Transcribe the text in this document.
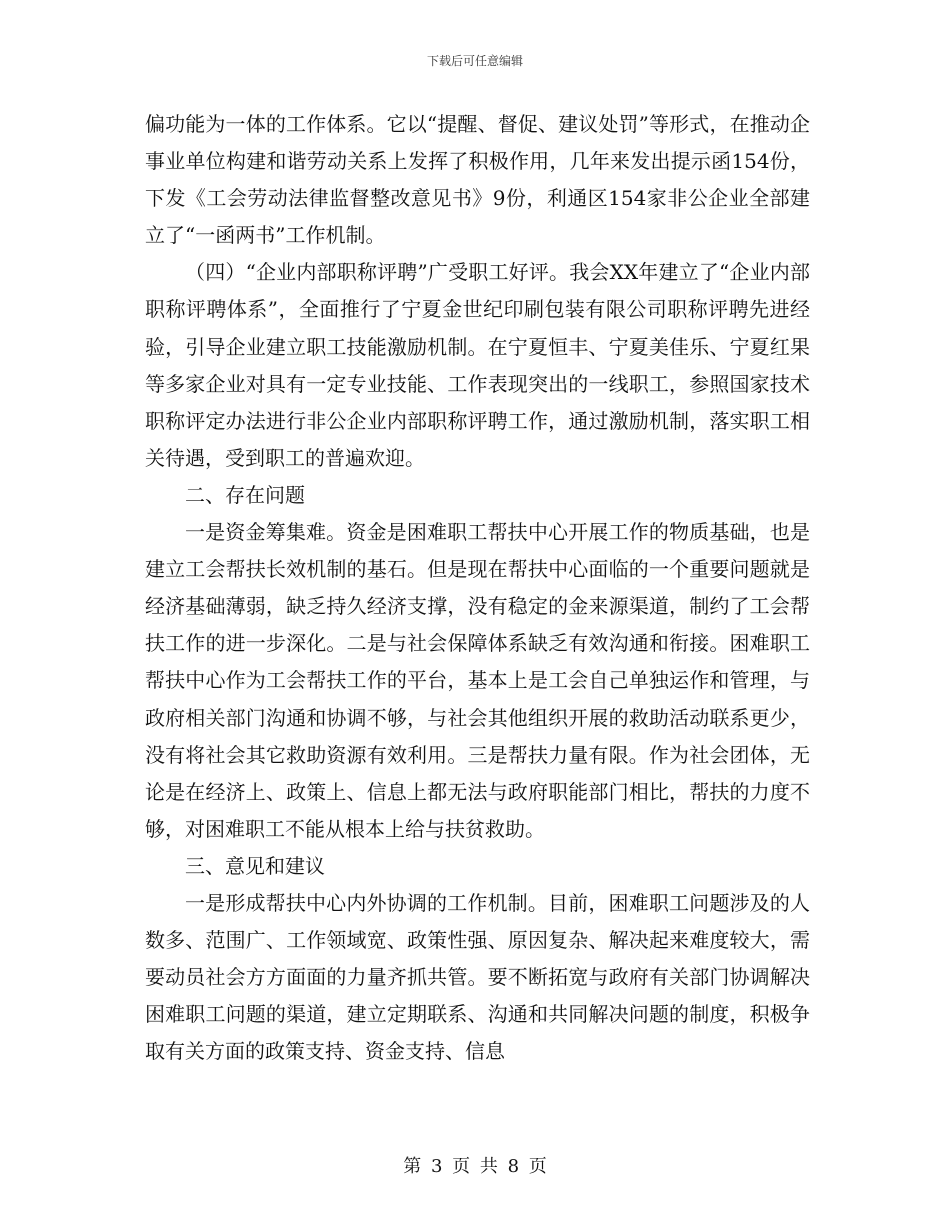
下载后可任意编辑

偏功能为一体的工作体系。它以“提醒、督促、建议处罚”等形式，在推动企事业单位构建和谐劳动关系上发挥了积极作用，几年来发出提示函154份，下发《工会劳动法律监督整改意见书》9份，利通区154家非公企业全部建立了“一函两书”工作机制。

（四）“企业内部职称评聘”广受职工好评。我会XX年建立了“企业内部职称评聘体系”，全面推行了宁夏金世纪印刷包装有限公司职称评聘先进经验，引导企业建立职工技能激励机制。在宁夏恒丰、宁夏美佳乐、宁夏红果等多家企业对具有一定专业技能、工作表现突出的一线职工，参照国家技术职称评定办法进行非公企业内部职称评聘工作，通过激励机制，落实职工相关待遇，受到职工的普遍欢迎。

二、存在问题

一是资金筹集难。资金是困难职工帮扶中心开展工作的物质基础，也是建立工会帮扶长效机制的基石。但是现在帮扶中心面临的一个重要问题就是经济基础薄弱，缺乏持久经济支撑，没有稳定的金来源渠道，制约了工会帮扶工作的进一步深化。二是与社会保障体系缺乏有效沟通和衔接。困难职工帮扶中心作为工会帮扶工作的平台，基本上是工会自己单独运作和管理，与政府相关部门沟通和协调不够，与社会其他组织开展的救助活动联系更少，没有将社会其它救助资源有效利用。三是帮扶力量有限。作为社会团体，无论是在经济上、政策上、信息上都无法与政府职能部门相比，帮扶的力度不够，对困难职工不能从根本上给与扶贫救助。

三、意见和建议

一是形成帮扶中心内外协调的工作机制。目前，困难职工问题涉及的人数多、范围广、工作领域宽、政策性强、原因复杂、解决起来难度较大，需要动员社会方方面面的力量齐抓共管。要不断拓宽与政府有关部门协调解决困难职工问题的渠道，建立定期联系、沟通和共同解决问题的制度，积极争取有关方面的政策支持、资金支持、信息

第 3 页 共 8 页
